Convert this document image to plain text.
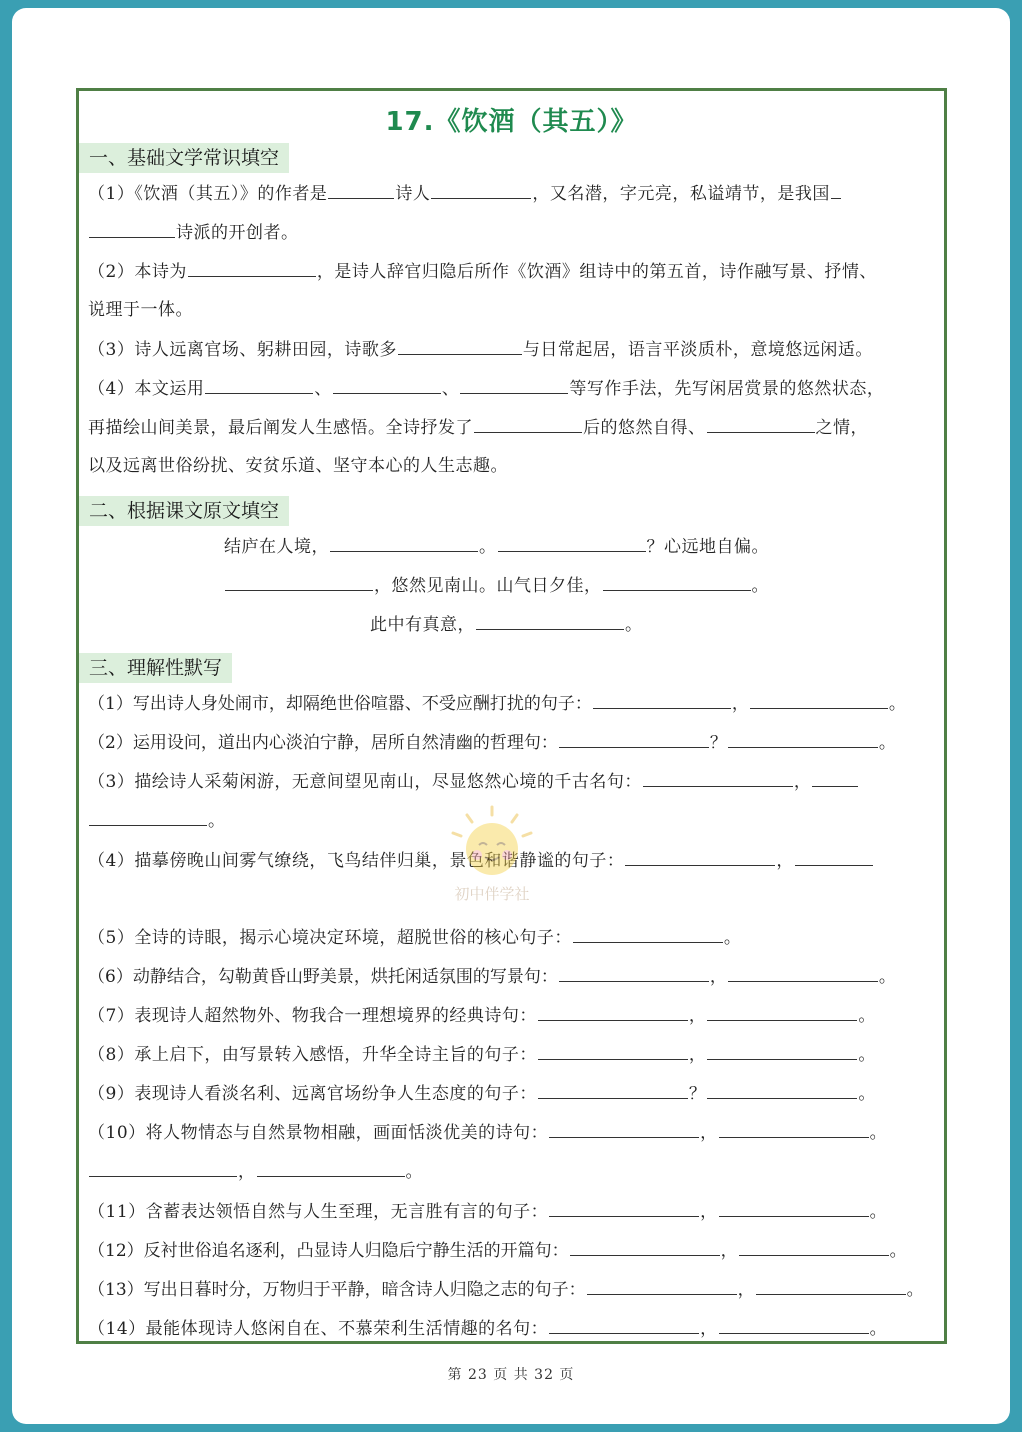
17.《饮酒（其五）》
一、基础文学常识填空
（1）《饮酒（其五）》的作者是	诗人	，又名潜，字元亮，私谥靖节，是我国
诗派的开创者。
（2）本诗为	，是诗人辞官归隐后所作《饮酒》组诗中的第五首，诗作融写景、抒情、
说理于一体。
（3）诗人远离官场、躬耕田园，诗歌多	与日常起居，语言平淡质朴，意境悠远闲适。
（4）本文运用	、	、	等写作手法，先写闲居赏景的悠然状态，
再描绘山间美景，最后阐发人生感悟。全诗抒发了	后的悠然自得、	之情，
以及远离世俗纷扰、安贫乐道、坚守本心的人生志趣。
二、根据课文原文填空
结庐在人境，	。	？心远地自偏。
，悠然见南山。山气日夕佳，	。
此中有真意，	。
三、理解性默写
（1）写出诗人身处闹市，却隔绝世俗喧嚣、不受应酬打扰的句子：	，	。
（2）运用设问，道出内心淡泊宁静，居所自然清幽的哲理句：	？	。
（3）描绘诗人采菊闲游，无意间望见南山，尽显悠然心境的千古名句：	，
。
（4）描摹傍晚山间雾气缭绕，飞鸟结伴归巢，景色和谐静谧的句子：	，
（5）全诗的诗眼，揭示心境决定环境，超脱世俗的核心句子：	。
（6）动静结合，勾勒黄昏山野美景，烘托闲适氛围的写景句：	，	。
（7）表现诗人超然物外、物我合一理想境界的经典诗句：	，	。
（8）承上启下，由写景转入感悟，升华全诗主旨的句子：	，	。
（9）表现诗人看淡名利、远离官场纷争人生态度的句子：	？	。
（10）将人物情态与自然景物相融，画面恬淡优美的诗句：	，	。
，	。
（11）含蓄表达领悟自然与人生至理，无言胜有言的句子：	，	。
（12）反衬世俗追名逐利，凸显诗人归隐后宁静生活的开篇句：	，	。
（13）写出日暮时分，万物归于平静，暗含诗人归隐之志的句子：	，	。
（14）最能体现诗人悠闲自在、不慕荣利生活情趣的名句：	，	。
初中伴学社
第 23 页 共 32 页
